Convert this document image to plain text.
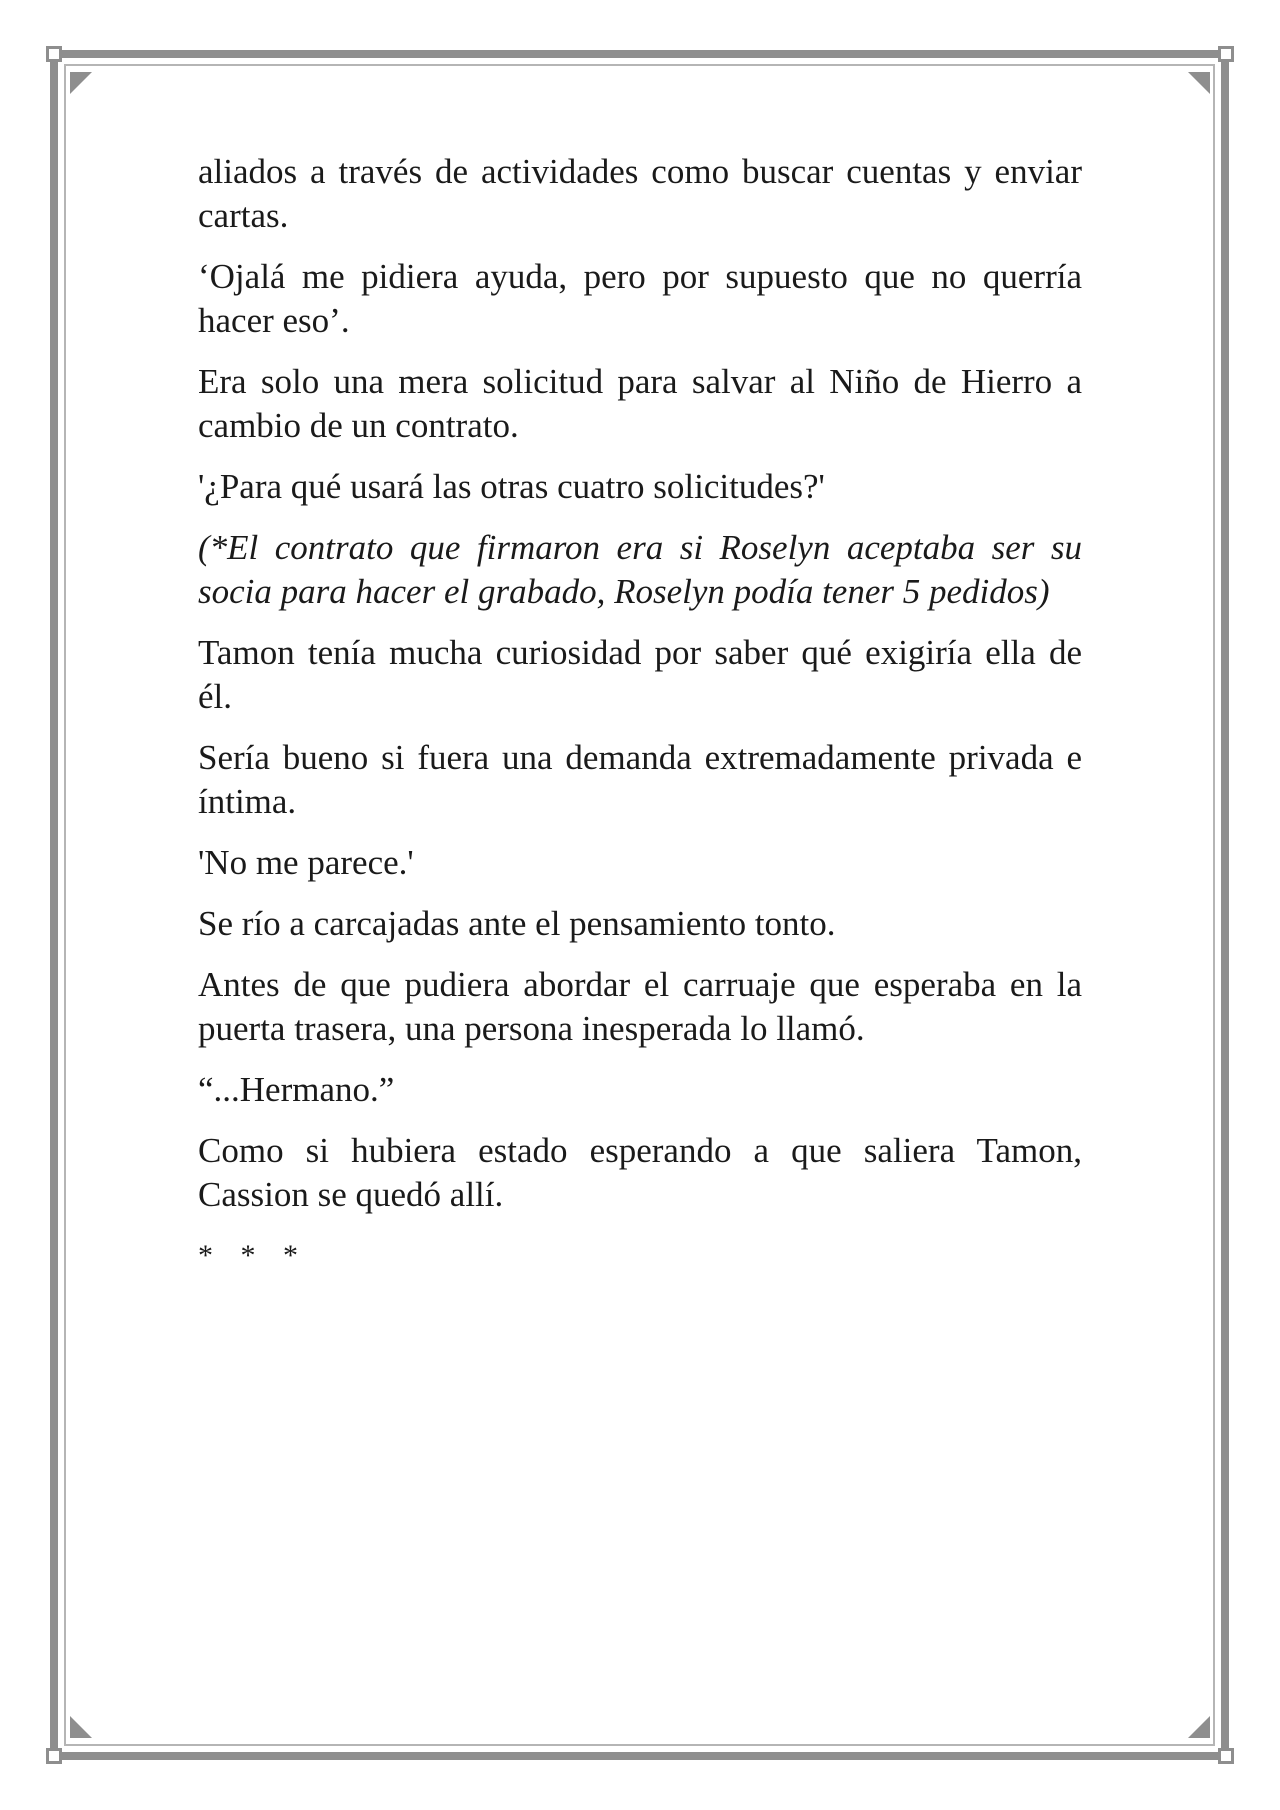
aliados a través de actividades como buscar cuentas y enviar cartas.

‘Ojalá me pidiera ayuda, pero por supuesto que no querría hacer eso’.

Era solo una mera solicitud para salvar al Niño de Hierro a cambio de un contrato.

'¿Para qué usará las otras cuatro solicitudes?'

(*El contrato que firmaron era si Roselyn aceptaba ser su socia para hacer el grabado, Roselyn podía tener 5 pedidos)

Tamon tenía mucha curiosidad por saber qué exigiría ella de él.

Sería bueno si fuera una demanda extremadamente privada e íntima.

'No me parece.'

Se río a carcajadas ante el pensamiento tonto.

Antes de que pudiera abordar el carruaje que esperaba en la puerta trasera, una persona inesperada lo llamó.

“...Hermano.”

Como si hubiera estado esperando a que saliera Tamon, Cassion se quedó allí.

* * *
